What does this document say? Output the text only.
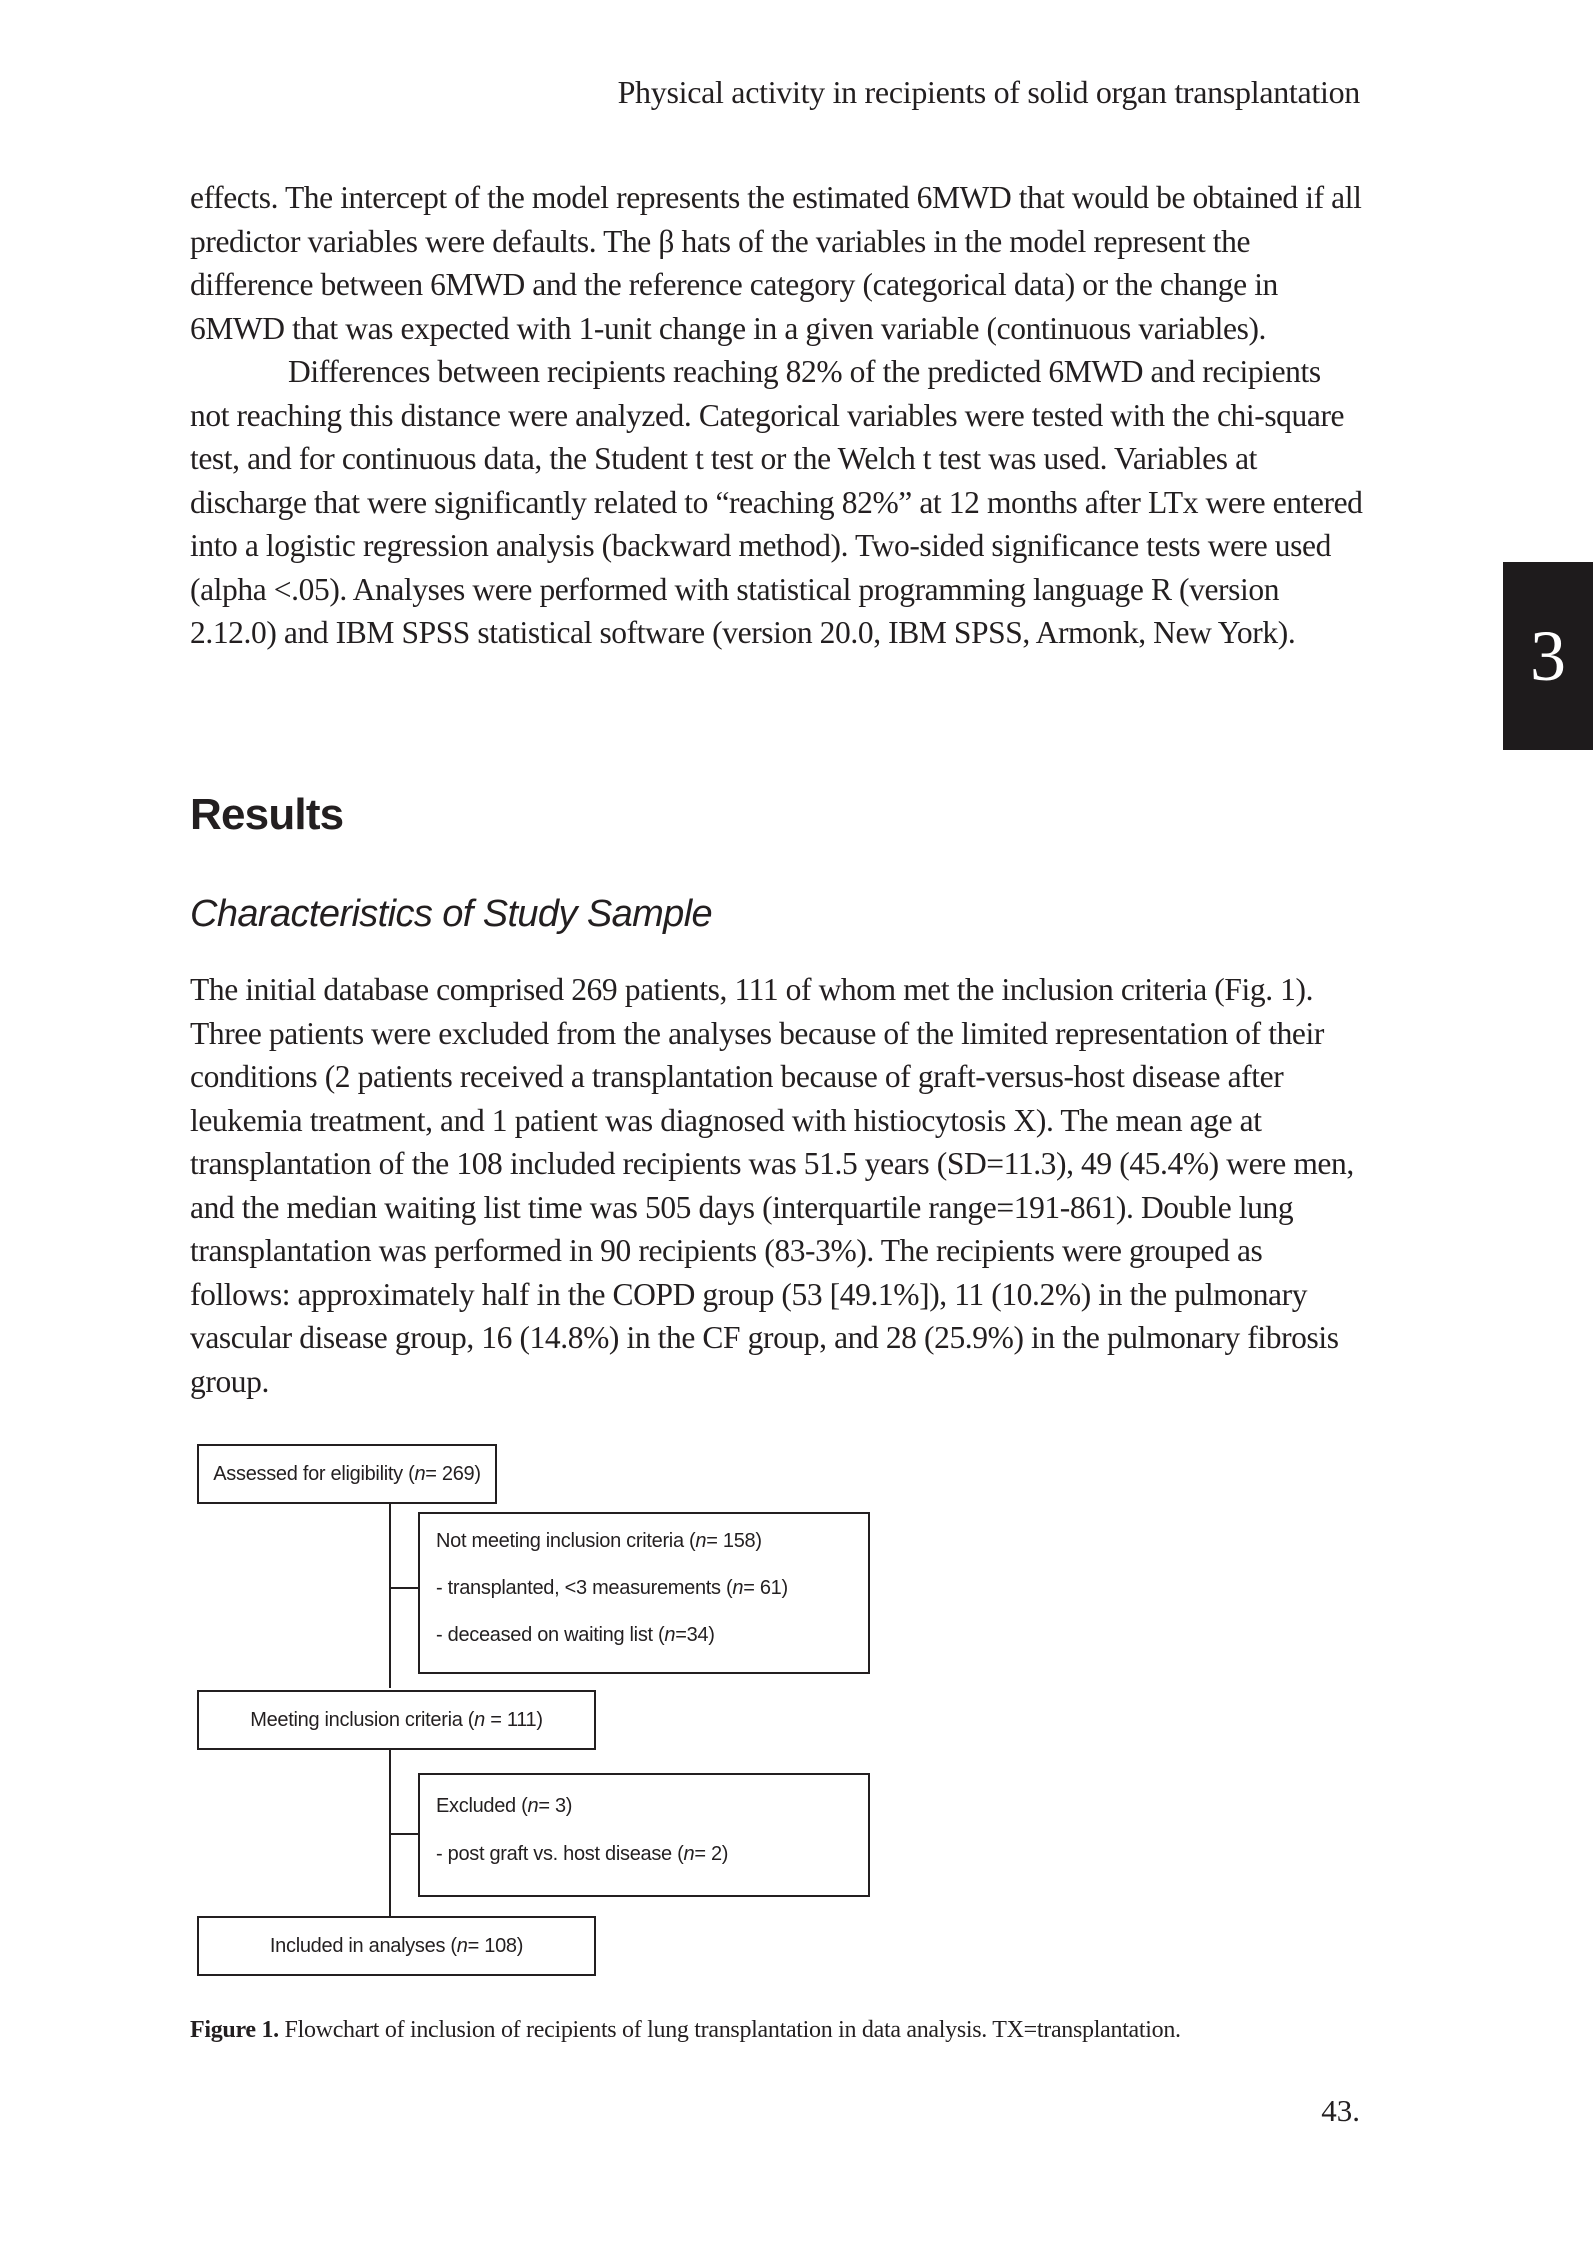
Physical activity in recipients of solid organ transplantation
3

effects. The intercept of the model represents the estimated 6MWD that would be obtained if all predictor variables were defaults. The β hats of the variables in the model represent the difference between 6MWD and the reference category (categorical data) or the change in 6MWD that was expected with 1-unit change in a given variable (continuous variables).

Differences between recipients reaching 82% of the predicted 6MWD and recipients not reaching this distance were analyzed. Categorical variables were tested with the chi-square test, and for continuous data, the Student t test or the Welch t test was used. Variables at discharge that were significantly related to “reaching 82%” at 12 months after LTx were entered into a logistic regression analysis (backward method). Two-sided significance tests were used (alpha <.05). Analyses were performed with statistical programming language R (version 2.12.0) and IBM SPSS statistical software (version 20.0, IBM SPSS, Armonk, New York).

Results
Characteristics of Study Sample

The initial database comprised 269 patients, 111 of whom met the inclusion criteria (Fig. 1). Three patients were excluded from the analyses because of the limited representation of their conditions (2 patients received a transplantation because of graft-versus-host disease after leukemia treatment, and 1 patient was diagnosed with histiocytosis X). The mean age at transplantation of the 108 included recipients was 51.5 years (SD=11.3), 49 (45.4%) were men, and the median waiting list time was 505 days (interquartile range=191-861). Double lung transplantation was performed in 90 recipients (83-3%). The recipients were grouped as follows: approximately half in the COPD group (53 [49.1%]), 11 (10.2%) in the pulmonary vascular disease group, 16 (14.8%) in the CF group, and 28 (25.9%) in the pulmonary fibrosis group.

Assessed for eligibility (n= 269)
Not meeting inclusion criteria (n= 158)
- transplanted, <3 measurements (n= 61)
- deceased on waiting list (n=34)
Meeting inclusion criteria (n = 111)
Excluded (n= 3)
- post graft vs. host disease (n= 2)
Included in analyses (n= 108)
Figure 1. Flowchart of inclusion of recipients of lung transplantation in data analysis. TX=transplantation.
43.
